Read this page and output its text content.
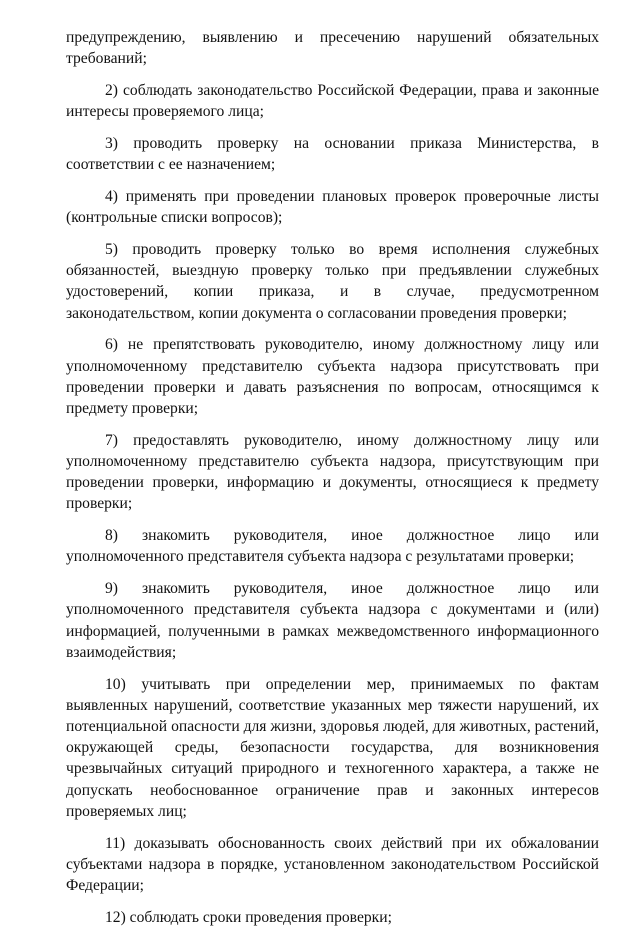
предупреждению, выявлению и пресечению нарушений обязательных требований;

2) соблюдать законодательство Российской Федерации, права и законные интересы проверяемого лица;

3) проводить проверку на основании приказа Министерства, в соответствии с ее назначением;

4) применять при проведении плановых проверок проверочные листы (контрольные списки вопросов);

5) проводить проверку только во время исполнения служебных обязанностей, выездную проверку только при предъявлении служебных удостоверений, копии приказа, и в случае, предусмотренном законодательством, копии документа о согласовании проведения проверки;

6) не препятствовать руководителю, иному должностному лицу или уполномоченному представителю субъекта надзора присутствовать при проведении проверки и давать разъяснения по вопросам, относящимся к предмету проверки;

7) предоставлять руководителю, иному должностному лицу или уполномоченному представителю субъекта надзора, присутствующим при проведении проверки, информацию и документы, относящиеся к предмету проверки;

8) знакомить руководителя, иное должностное лицо или уполномоченного представителя субъекта надзора с результатами проверки;

9) знакомить руководителя, иное должностное лицо или уполномоченного представителя субъекта надзора с документами и (или) информацией, полученными в рамках межведомственного информационного взаимодействия;

10) учитывать при определении мер, принимаемых по фактам выявленных нарушений, соответствие указанных мер тяжести нарушений, их потенциальной опасности для жизни, здоровья людей, для животных, растений, окружающей среды, безопасности государства, для возникновения чрезвычайных ситуаций природного и техногенного характера, а также не допускать необоснованное ограничение прав и законных интересов проверяемых лиц;

11) доказывать обоснованность своих действий при их обжаловании субъектами надзора в порядке, установленном законодательством Российской Федерации;

12) соблюдать сроки проведения проверки;
